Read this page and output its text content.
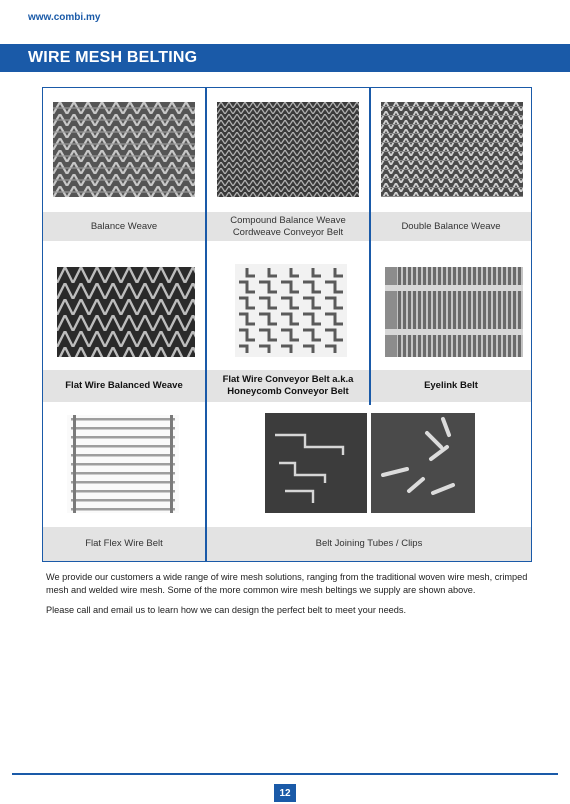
www.combi.my
WIRE MESH BELTING
Balance Weave
Compound Balance Weave
Cordweave Conveyor Belt
Double Balance Weave
Flat Wire Balanced Weave
Flat Wire Conveyor Belt a.k.a
Honeycomb Conveyor Belt
Eyelink Belt
Flat Flex Wire Belt	Belt Joining Tubes / Clips

We provide our customers a wide range of wire mesh solutions, ranging from the traditional woven wire mesh, crimped mesh and welded wire mesh. Some of the more common wire mesh beltings we supply are shown above.

Please call and email us to learn how we can design the perfect belt to meet your needs.

12
